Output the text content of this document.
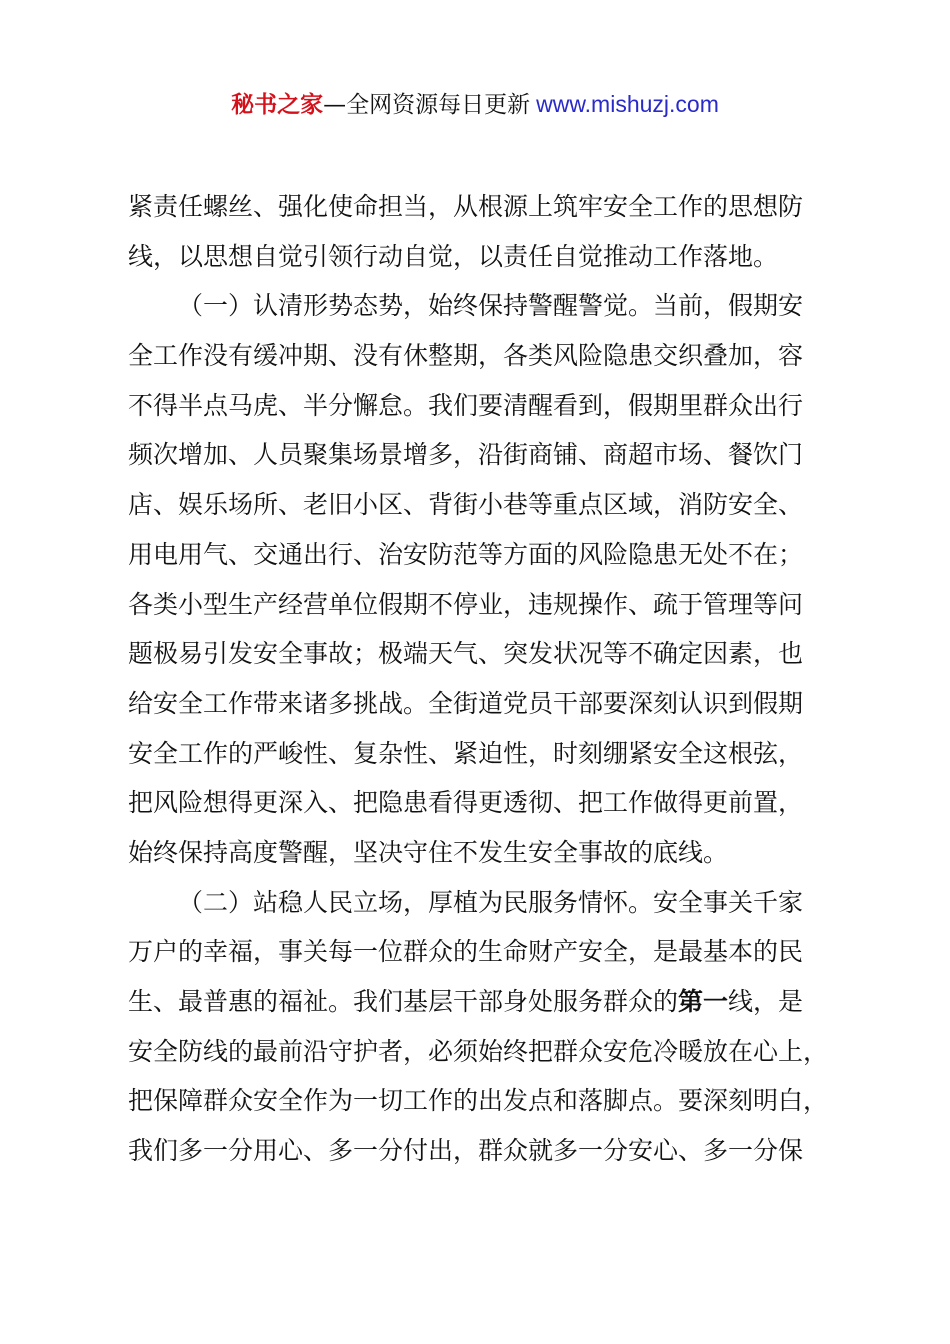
秘书之家—全网资源每日更新 www.mishuzj.com
紧责任螺丝、强化使命担当，从根源上筑牢安全工作的思想防
线，以思想自觉引领行动自觉，以责任自觉推动工作落地。
（一）认清形势态势，始终保持警醒警觉。当前，假期安
全工作没有缓冲期、没有休整期，各类风险隐患交织叠加，容
不得半点马虎、半分懈怠。我们要清醒看到，假期里群众出行
频次增加、人员聚集场景增多，沿街商铺、商超市场、餐饮门
店、娱乐场所、老旧小区、背街小巷等重点区域，消防安全、
用电用气、交通出行、治安防范等方面的风险隐患无处不在；
各类小型生产经营单位假期不停业，违规操作、疏于管理等问
题极易引发安全事故；极端天气、突发状况等不确定因素，也
给安全工作带来诸多挑战。全街道党员干部要深刻认识到假期
安全工作的严峻性、复杂性、紧迫性，时刻绷紧安全这根弦，
把风险想得更深入、把隐患看得更透彻、把工作做得更前置，
始终保持高度警醒，坚决守住不发生安全事故的底线。
（二）站稳人民立场，厚植为民服务情怀。安全事关千家
万户的幸福，事关每一位群众的生命财产安全，是最基本的民
生、最普惠的福祉。我们基层干部身处服务群众的第一线，是
安全防线的最前沿守护者，必须始终把群众安危冷暖放在心上，
把保障群众安全作为一切工作的出发点和落脚点。要深刻明白，
我们多一分用心、多一分付出，群众就多一分安心、多一分保
